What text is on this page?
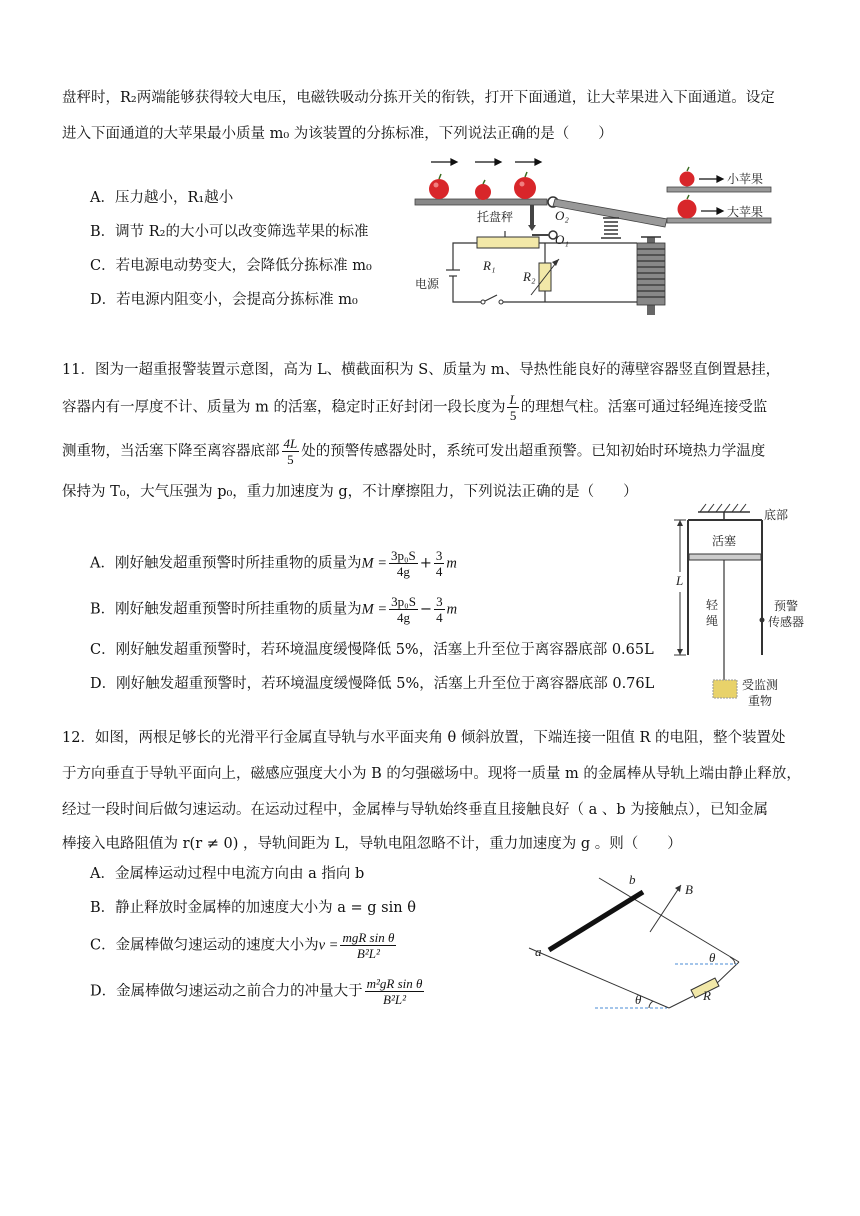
盘秤时，R₂两端能够获得较大电压，电磁铁吸动分拣开关的衔铁，打开下面通道，让大苹果进入下面通道。设定
进入下面通道的大苹果最小质量 m₀ 为该装置的分拣标准，下列说法正确的是（　　）
A．压力越小，R₁越小
B．调节 R₂的大小可以改变筛选苹果的标准
C．若电源电动势变大，会降低分拣标准 m₀
D．若电源内阻变小，会提高分拣标准 m₀
小苹果
大苹果
托盘秤	O₂
O₁
R₁
R₂
电源
11．图为一超重报警装置示意图，高为 L、横截面积为 S、质量为 m、导热性能良好的薄壁容器竖直倒置悬挂，
容器内有一厚度不计、质量为 m 的活塞，稳定时正好封闭一段长度为 $\frac{L}{5}$ 的理想气柱。活塞可通过轻绳连接受监
测重物，当活塞下降至离容器底部 $\frac{4L}{5}$ 处的预警传感器处时，系统可发出超重预警。已知初始时环境热力学温度
保持为 T₀，大气压强为 p₀，重力加速度为 g，不计摩擦阻力，下列说法正确的是（　　）
A．刚好触发超重预警时所挂重物的质量为$M = \frac{\text{3p₀S}}{4g} + \frac{3}{4}$ m
B．刚好触发超重预警时所挂重物的质量为$M = \frac{\text{3p₀S}}{4g} - \frac{3}{4}$ m
C．刚好触发超重预警时，若环境温度缓慢降低 5%，活塞上升至位于离容器底部 0.65L
D．刚好触发超重预警时，若环境温度缓慢降低 5%，活塞上升至位于离容器底部 0.76L
底部
活塞
L
轻
绳
预警
传感器
受监测
重物
12．如图，两根足够长的光滑平行金属直导轨与水平面夹角 θ 倾斜放置，下端连接一阻值 R 的电阻，整个装置处
于方向垂直于导轨平面向上，磁感应强度大小为 B 的匀强磁场中。现将一质量 m 的金属棒从导轨上端由静止释放，
经过一段时间后做匀速运动。在运动过程中，金属棒与导轨始终垂直且接触良好（ a 、b 为接触点），已知金属
棒接入电路阻值为 r(r ≠ 0) ，导轨间距为 L，导轨电阻忽略不计，重力加速度为 g 。则（　　）
A．金属棒运动过程中电流方向由 a 指向 b
B．静止释放时金属棒的加速度大小为 a = g sin θ
C．金属棒做匀速运动的速度大小为$v = \frac{\text{mgR sin θ}}{\text{B²L²}}$
D．金属棒做匀速运动之前合力的冲量大于 $\frac{\text{m²gR sin θ}}{\text{B²L²}}$
a
b
B
θ
θ	R
